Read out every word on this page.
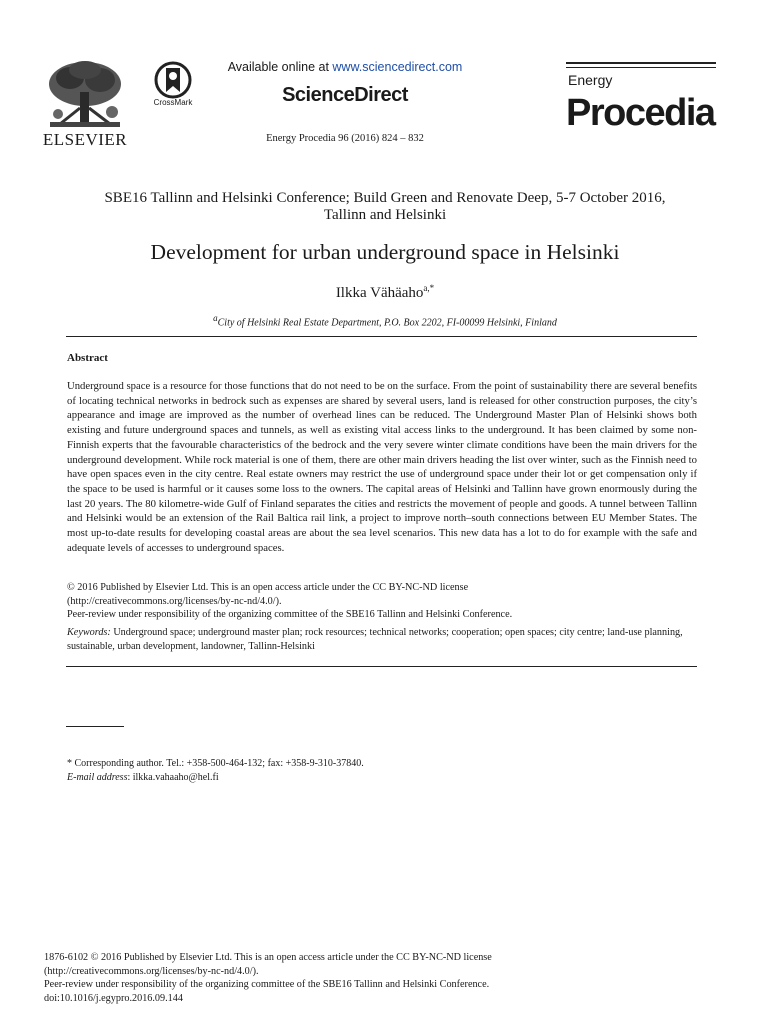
ELSEVIER
CrossMark
Available online at www.sciencedirect.com
ScienceDirect
Energy Procedia 96 (2016) 824 – 832
Energy
Procedia
SBE16 Tallinn and Helsinki Conference; Build Green and Renovate Deep, 5-7 October 2016,
Tallinn and Helsinki
Development for urban underground space in Helsinki
Ilkka Vähäaho$^{a,*}$
$^a$City of Helsinki Real Estate Department, P.O. Box 2202, FI-00099 Helsinki, Finland
Abstract
Underground space is a resource for those functions that do not need to be on the surface. From the point of sustainability there are several benefits of locating technical networks in bedrock such as expenses are shared by several users, land is released for other construction purposes, the city’s appearance and image are improved as the number of overhead lines can be reduced. The Underground Master Plan of Helsinki shows both existing and future underground spaces and tunnels, as well as existing vital access links to the underground. It has been claimed by some non-Finnish experts that the favourable characteristics of the bedrock and the very severe winter climate conditions have been the main drivers for the underground development. While rock material is one of them, there are other main drivers heading the list over winter, such as the Finnish need to have open spaces even in the city centre. Real estate owners may restrict the use of underground space under their lot or get compensation only if the space to be used is harmful or it causes some loss to the owners. The capital areas of Helsinki and Tallinn have grown enormously during the last 20 years. The 80 kilometre-wide Gulf of Finland separates the cities and restricts the movement of people and goods. A tunnel between Tallinn and Helsinki would be an extension of the Rail Baltica rail link, a project to improve north–south connections between EU Member States. The most up-to-date results for developing coastal areas are about the sea level scenarios. This new data has a lot to do for example with the safe and adequate levels of accesses to underground spaces.
© 2016 Published by Elsevier Ltd. This is an open access article under the CC BY-NC-ND license
(http://creativecommons.org/licenses/by-nc-nd/4.0/).
Peer-review under responsibility of the organizing committee of the SBE16 Tallinn and Helsinki Conference.
Keywords: Underground space; underground master plan; rock resources; technical networks; cooperation; open spaces; city centre; land-use planning, sustainable, urban development, landowner, Tallinn-Helsinki
* Corresponding author. Tel.: +358-500-464-132; fax: +358-9-310-37840.
E-mail address: ilkka.vahaaho@hel.fi
1876-6102 © 2016 Published by Elsevier Ltd. This is an open access article under the CC BY-NC-ND license
(http://creativecommons.org/licenses/by-nc-nd/4.0/).
Peer-review under responsibility of the organizing committee of the SBE16 Tallinn and Helsinki Conference.
doi:10.1016/j.egypro.2016.09.144
